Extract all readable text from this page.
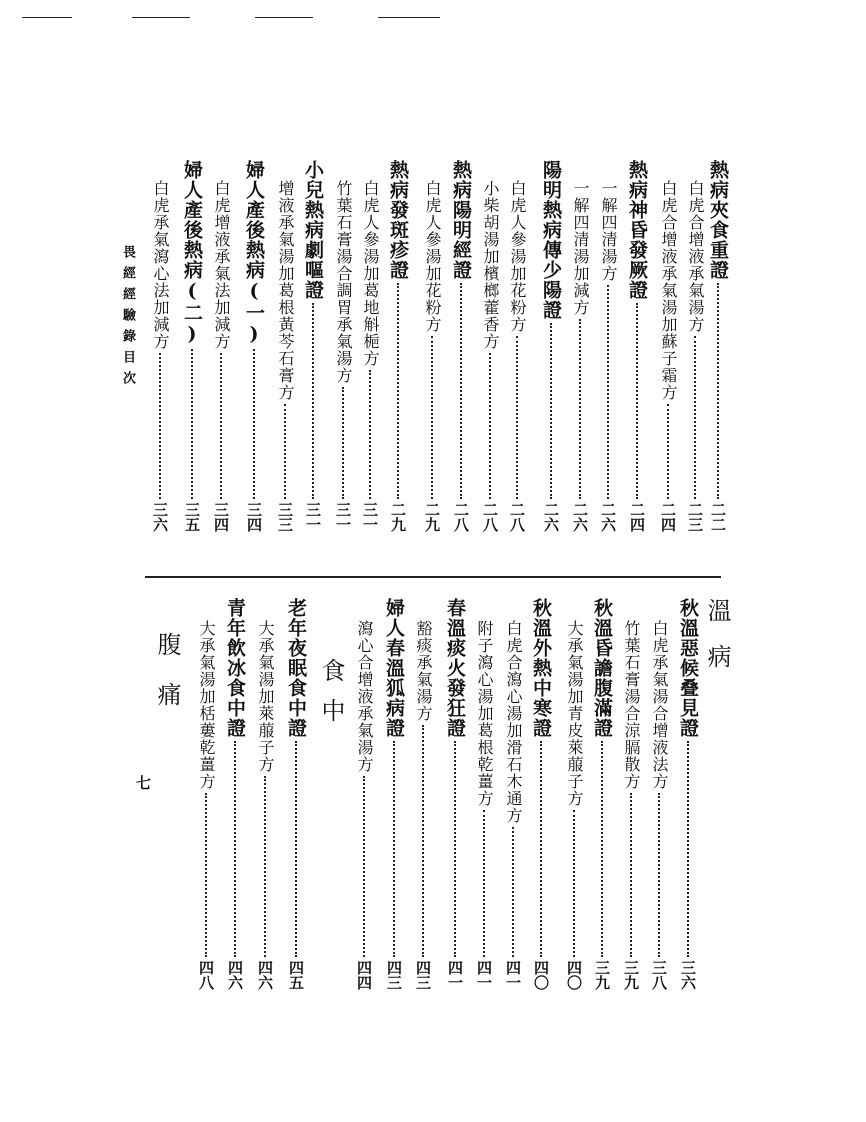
熱病夾食重證
二二
白虎合增液承氣湯方
二三
白虎合增液承氣湯加蘇子霜方
二四
熱病神昏發厥證
二四
一解四清湯方
二六
一解四清湯加減方
二六
陽明熱病傳少陽證
二六
白虎人參湯加花粉方
二八
小柴胡湯加檳榔藿香方
二八
熱病陽明經證
二八
白虎人參湯加花粉方
二九
熱病發斑疹證
二九
白虎人參湯加葛地斛梔方
三一
竹葉石膏湯合調胃承氣湯方
三一
小兒熱病劇嘔證
三一
增液承氣湯加葛根黃芩石膏方
三三
婦人產後熱病(一)
三四
白虎增液承氣法加減方
三四
婦人產後熱病(二)
三五
白虎承氣瀉心法加減方
三六
秋溫惡候叠見證
三六
白虎承氣湯合增液法方
三八
竹葉石膏湯合涼膈散方
三九
秋溫昏譫腹滿證
三九
大承氣湯加青皮萊菔子方
四〇
秋溫外熱中寒證
四〇
白虎合瀉心湯加滑石木通方
四一
附子瀉心湯加葛根乾薑方
四一
春溫痰火發狂證
四一
豁痰承氣湯方
四三
婦人春溫狐病證
四三
瀉心合增液承氣湯方
四四
老年夜眠食中證
四五
大承氣湯加萊菔子方
四六
青年飲冰食中證
四六
大承氣湯加栝蔞乾薑方
四八
溫病
食中
腹痛
畏經經驗錄目次
七
